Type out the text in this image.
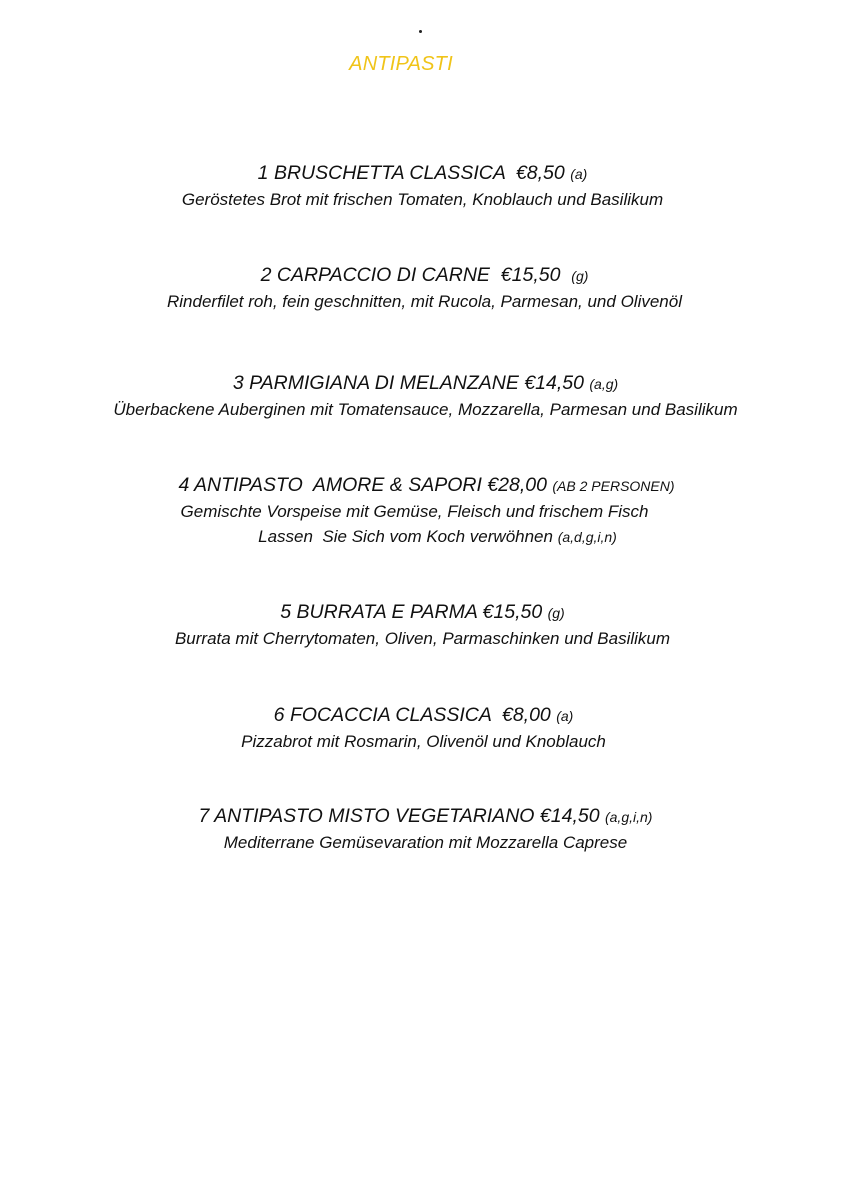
ANTIPASTI
1 BRUSCHETTA CLASSICA €8,50 (a)
Geröstetes Brot mit frischen Tomaten, Knoblauch und Basilikum
2 CARPACCIO DI CARNE €15,50 (g)
Rinderfilet roh, fein geschnitten, mit Rucola, Parmesan, und Olivenöl
3 PARMIGIANA DI MELANZANE €14,50 (a,g)
Überbackene Auberginen mit Tomatensauce, Mozzarella, Parmesan und Basilikum
4 ANTIPASTO  AMORE & SAPORI €28,00 (AB 2 PERSONEN)
Gemischte Vorspeise mit Gemüse, Fleisch und frischem Fisch
Lassen  Sie Sich vom Koch verwöhnen (a,d,g,i,n)
5 BURRATA E PARMA €15,50 (g)
Burrata mit Cherrytomaten, Oliven, Parmaschinken und Basilikum
6 FOCACCIA CLASSICA €8,00 (a)
Pizzabrot mit Rosmarin, Olivenöl und Knoblauch
7 ANTIPASTO MISTO VEGETARIANO €14,50 (a,g,i,n)
Mediterrane Gemüsevaration mit Mozzarella Caprese
